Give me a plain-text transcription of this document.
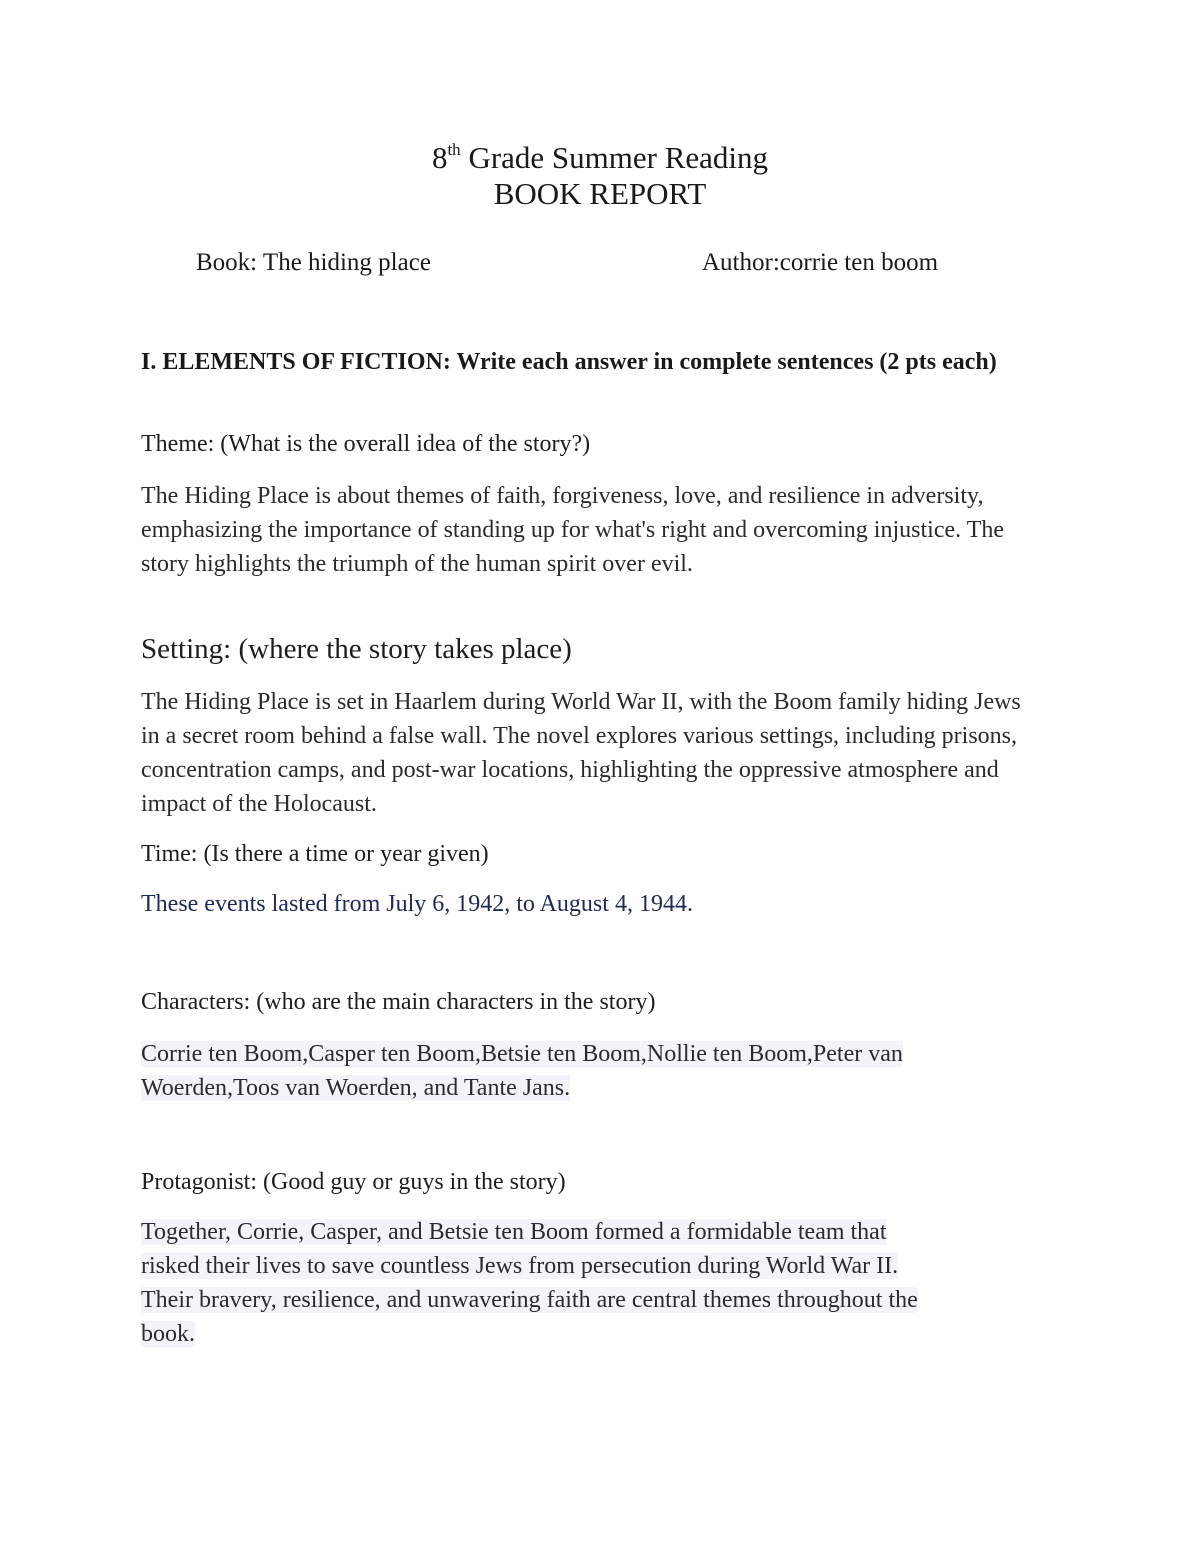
8th Grade Summer Reading
BOOK REPORT
Book: The hiding place	Author:corrie ten boom
I. ELEMENTS OF FICTION: Write each answer in complete sentences (2 pts each)
Theme: (What is the overall idea of the story?)
The Hiding Place is about themes of faith, forgiveness, love, and resilience in adversity, emphasizing the importance of standing up for what's right and overcoming injustice. The story highlights the triumph of the human spirit over evil.
Setting: (where the story takes place)
The Hiding Place is set in Haarlem during World War II, with the Boom family hiding Jews in a secret room behind a false wall. The novel explores various settings, including prisons, concentration camps, and post-war locations, highlighting the oppressive atmosphere and impact of the Holocaust.
Time: (Is there a time or year given)
These events lasted from July 6, 1942, to August 4, 1944.
Characters: (who are the main characters in the story)
Corrie ten Boom,Casper ten Boom,Betsie ten Boom,Nollie ten Boom,Peter van
Woerden,Toos van Woerden, and Tante Jans.
Protagonist: (Good guy or guys in the story)
Together, Corrie, Casper, and Betsie ten Boom formed a formidable team that
risked their lives to save countless Jews from persecution during World War II.
Their bravery, resilience, and unwavering faith are central themes throughout the
book.
